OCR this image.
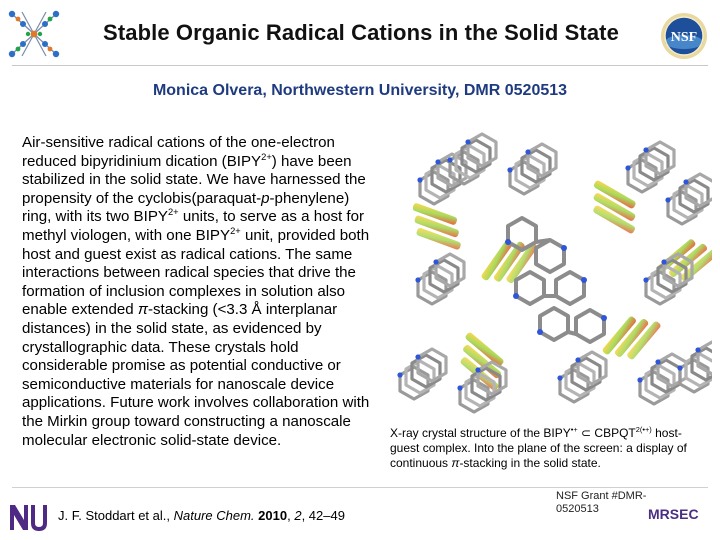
Stable Organic Radical Cations in the Solid State	NSF
Monica Olvera, Northwestern University, DMR 0520513

Air-sensitive radical cations of the one-electron reduced bipyridinium dication $(BIPY^{2+})$ have been stabilized in the solid state. We have harnessed the propensity of the cyclobis(paraquat-p-phenylene) ring, with its two $BIPY^{2+}$ units, to serve as a host for methyl viologen, with one $BIPY^{2+}$ unit, provided both host and guest exist as radical cations. The same interactions between radical species that drive the formation of inclusion complexes in solution also enable extended π-stacking (<3.3 Å interplanar distances) in the solid state, as evidenced by crystallographic data. These crystals hold considerable promise as potential conductive or semiconductive materials for nanoscale device applications. Future work involves collaboration with the Mirkin group toward constructing a nanoscale molecular electronic solid-state device.	X-ray crystal structure of the BIPY•+ ⊂ $CBPQT^{2(•+)}$ host-guest complex. Into the plane of the screen: a display of continuous π-stacking in the solid state.

J. F. Stoddart et al., Nature Chem. 2010, 2, 42–49
NSF Grant #DMR-0520513	MRSEC
